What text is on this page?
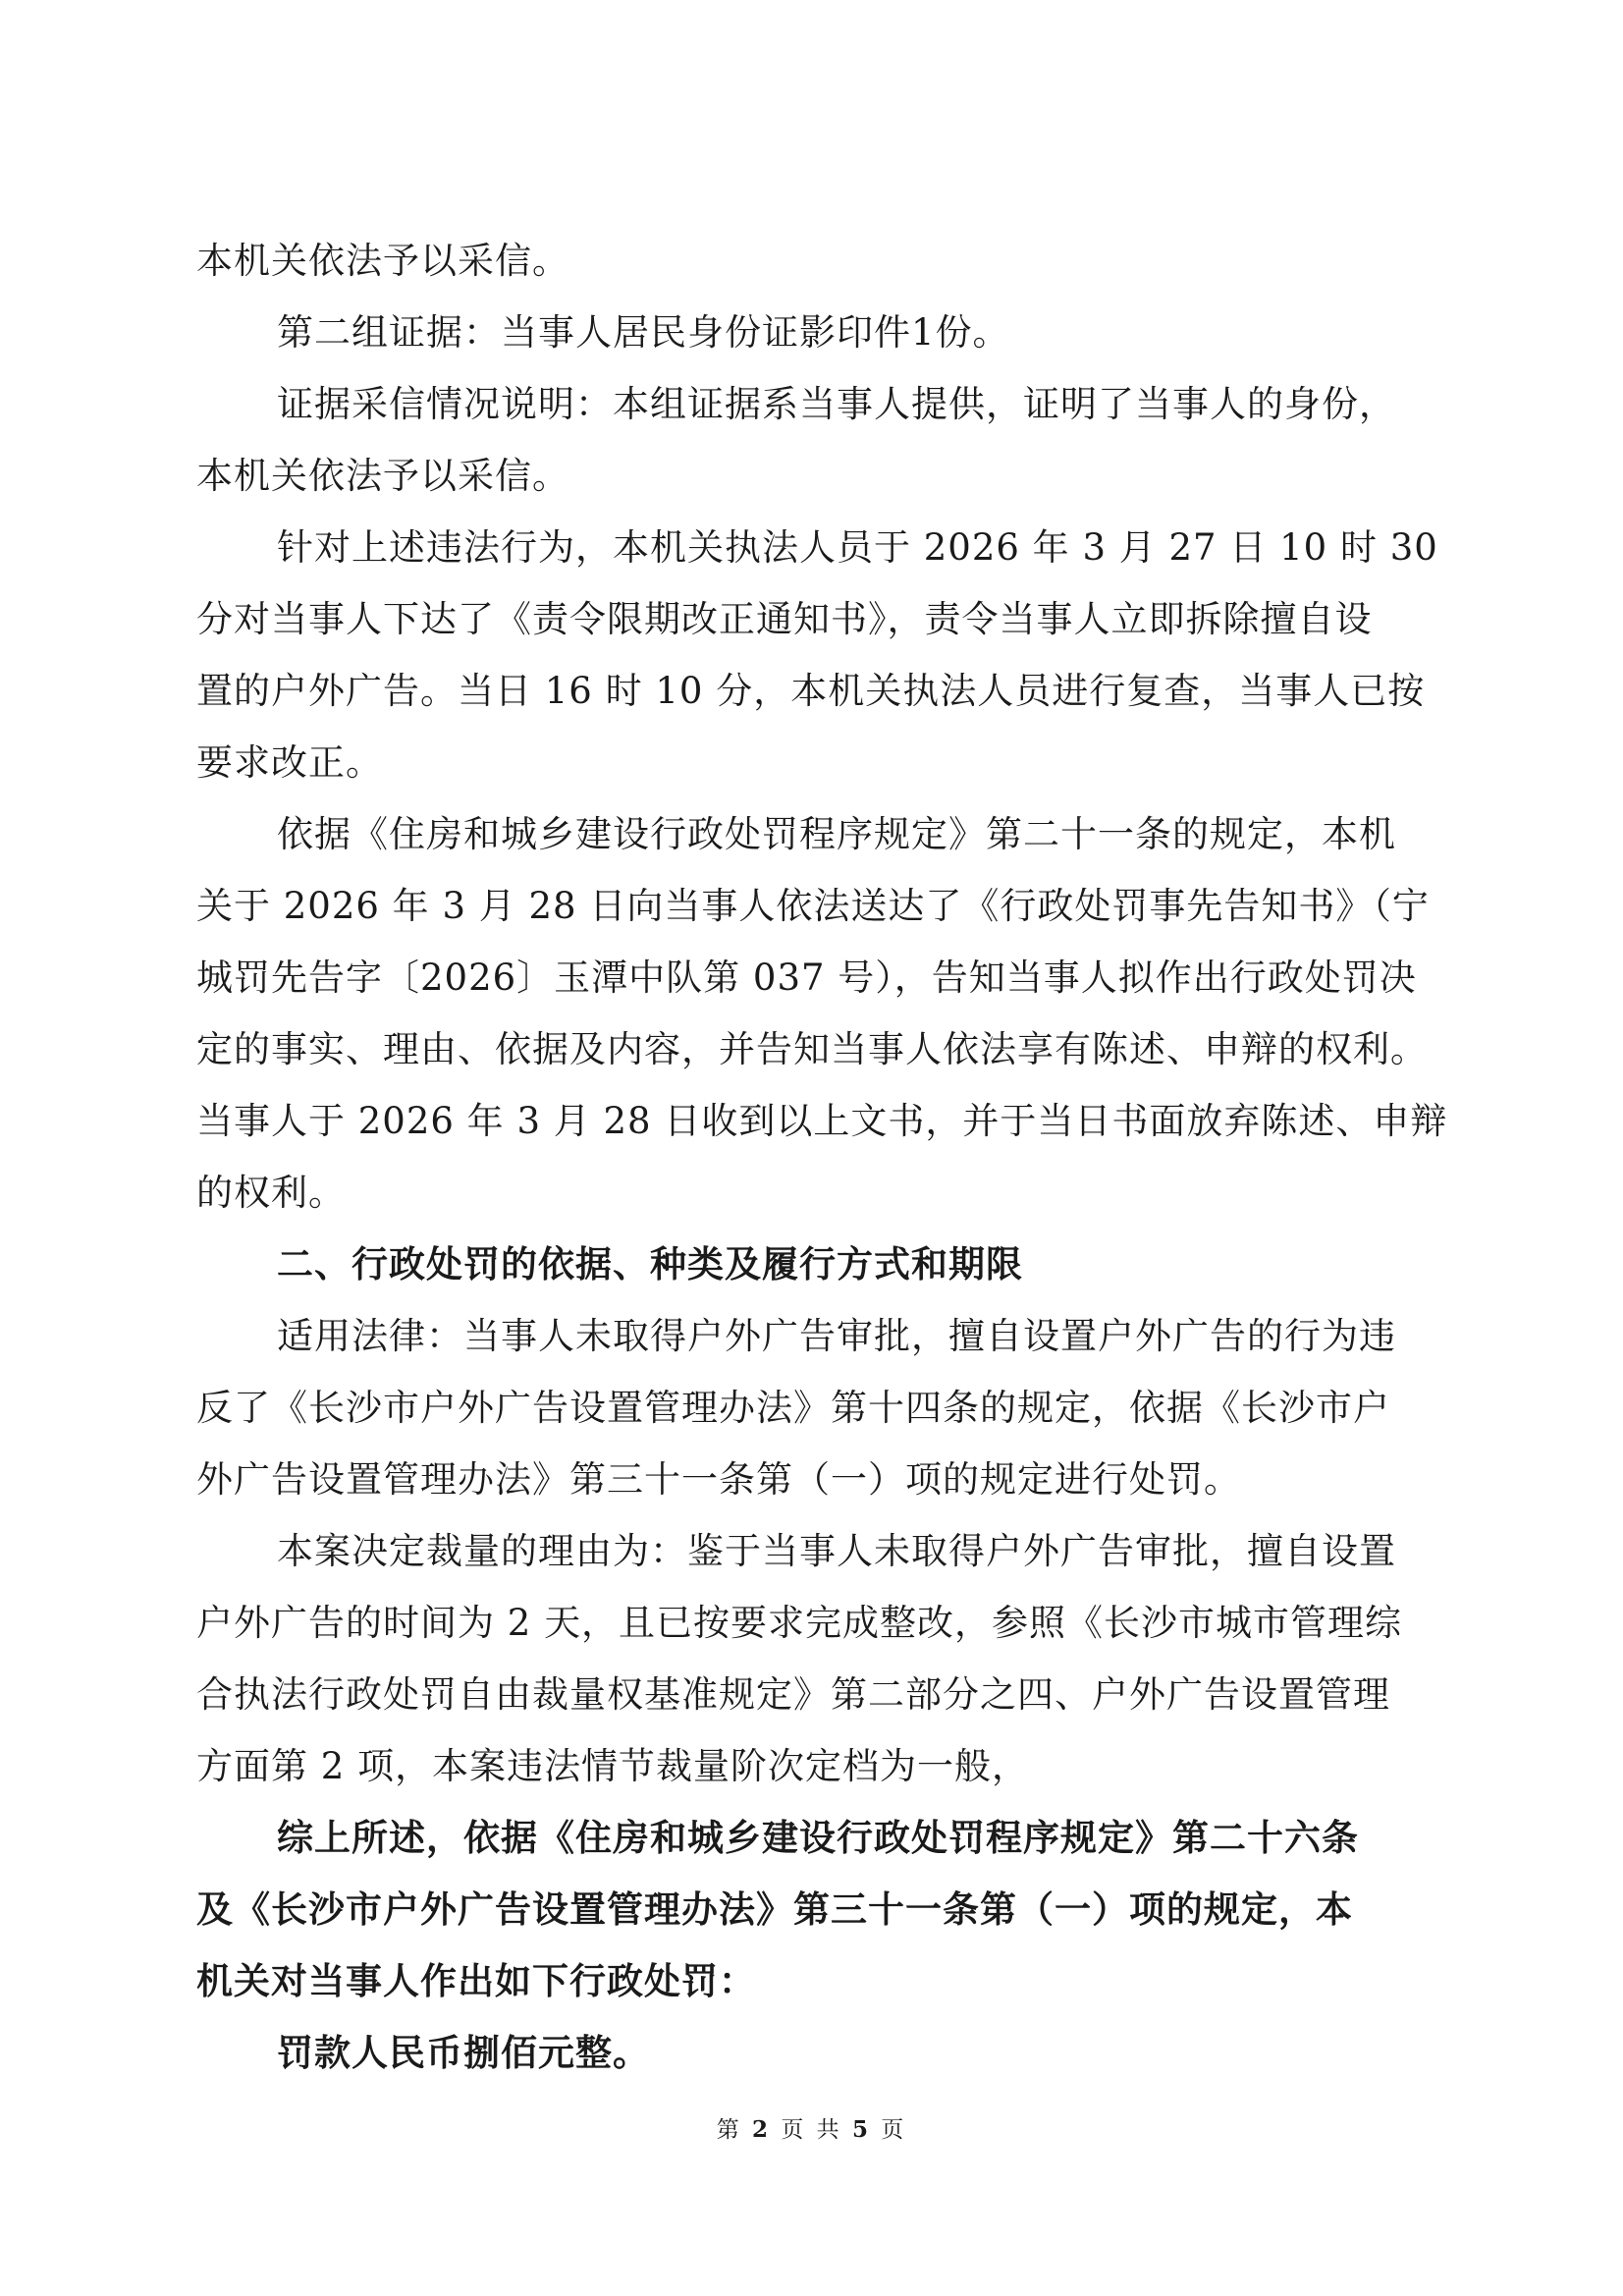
本机关依法予以采信。
第二组证据：当事人居民身份证影印件1份。
证据采信情况说明：本组证据系当事人提供，证明了当事人的身份，
本机关依法予以采信。
针对上述违法行为，本机关执法人员于 2026 年 3 月 27 日 10 时 30
分对当事人下达了《责令限期改正通知书》，责令当事人立即拆除擅自设
置的户外广告。当日 16 时 10 分，本机关执法人员进行复查，当事人已按
要求改正。
依据《住房和城乡建设行政处罚程序规定》第二十一条的规定，本机
关于 2026 年 3 月 28 日向当事人依法送达了《行政处罚事先告知书》（宁
城罚先告字〔2026〕玉潭中队第 037 号），告知当事人拟作出行政处罚决
定的事实、理由、依据及内容，并告知当事人依法享有陈述、申辩的权利。
当事人于 2026 年 3 月 28 日收到以上文书，并于当日书面放弃陈述、申辩
的权利。
二、行政处罚的依据、种类及履行方式和期限
适用法律：当事人未取得户外广告审批，擅自设置户外广告的行为违
反了《长沙市户外广告设置管理办法》第十四条的规定，依据《长沙市户
外广告设置管理办法》第三十一条第（一）项的规定进行处罚。
本案决定裁量的理由为：鉴于当事人未取得户外广告审批，擅自设置
户外广告的时间为 2 天，且已按要求完成整改，参照《长沙市城市管理综
合执法行政处罚自由裁量权基准规定》第二部分之四、户外广告设置管理
方面第 2 项，本案违法情节裁量阶次定档为一般，
综上所述，依据《住房和城乡建设行政处罚程序规定》第二十六条
及《长沙市户外广告设置管理办法》第三十一条第（一）项的规定，本
机关对当事人作出如下行政处罚：
罚款人民币捌佰元整。
第 2 页 共 5 页
